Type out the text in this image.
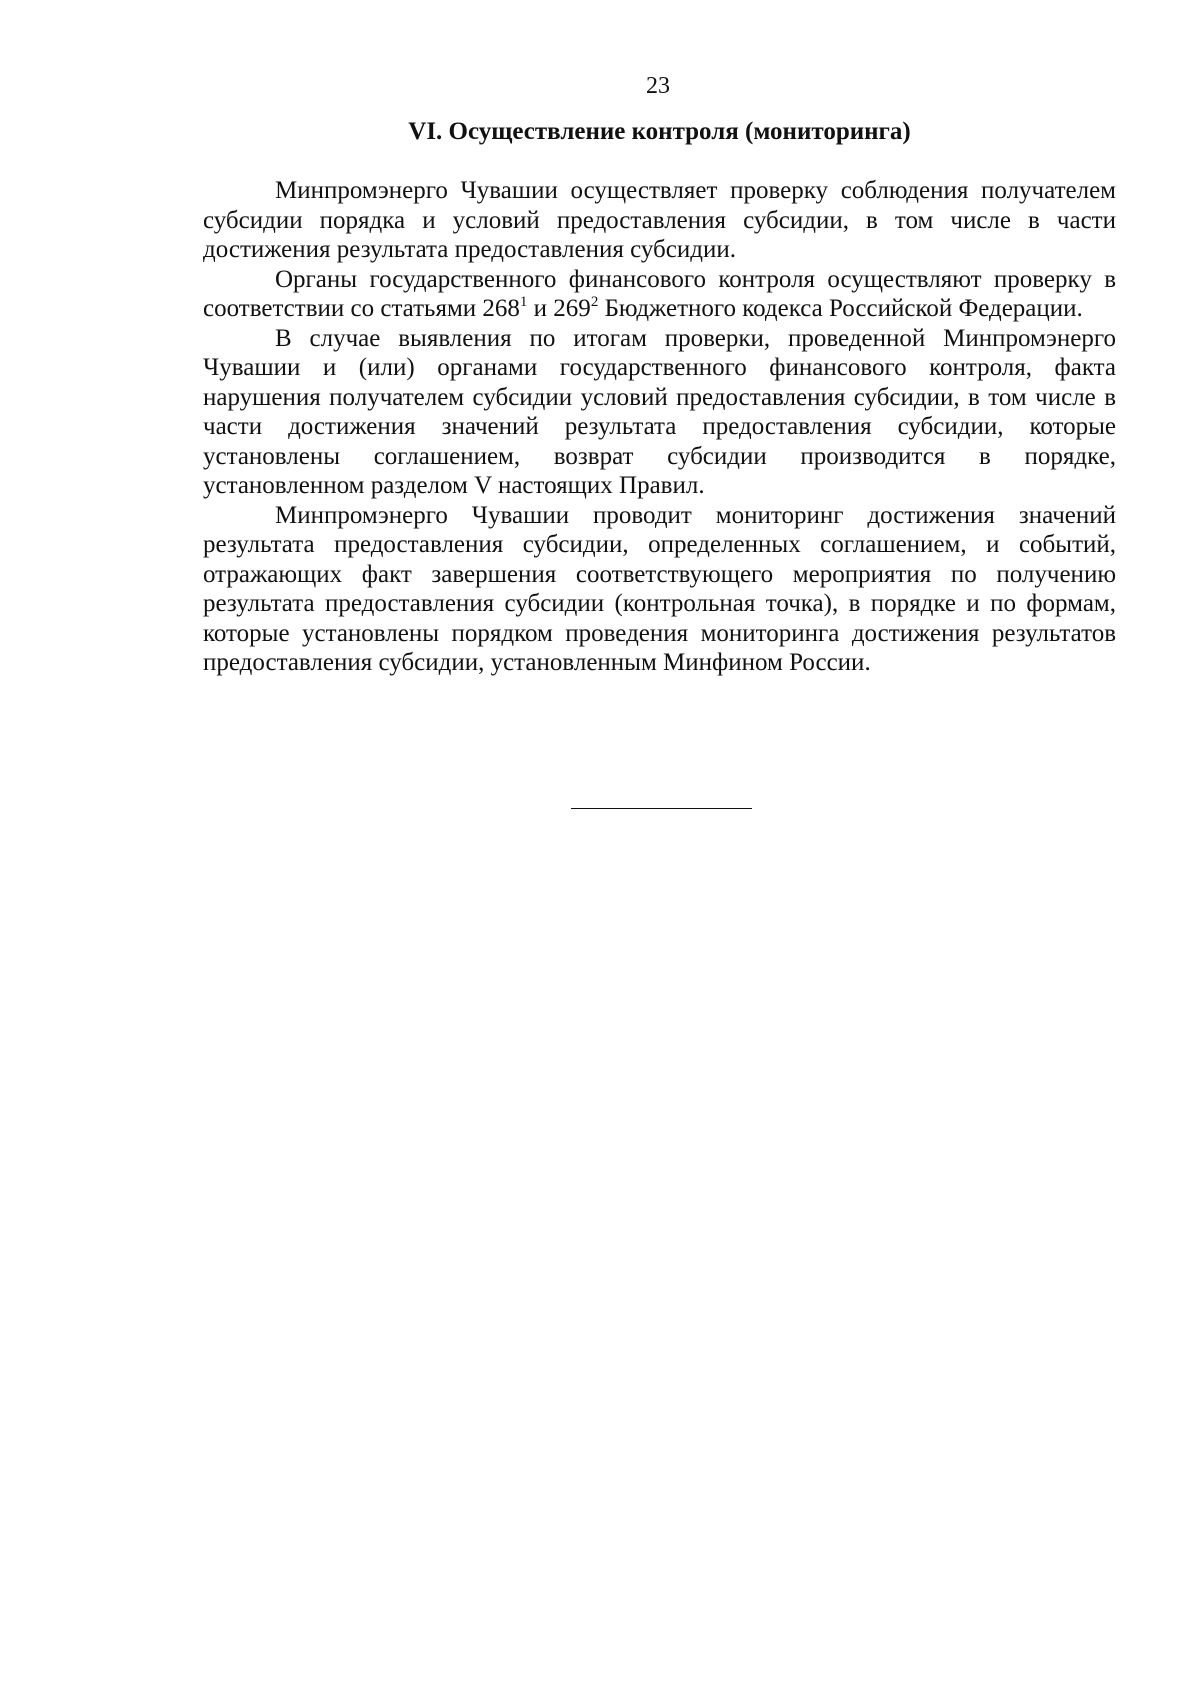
23
VI. Осуществление контроля (мониторинга)

Минпромэнерго Чувашии осуществляет проверку соблюдения получателем субсидии порядка и условий предоставления субсидии, в том числе в части достижения результата предоставления субсидии.

Органы государственного финансового контроля осуществляют проверку в соответствии со статьями $268^1$ и $269^2$ Бюджетного кодекса Российской Федерации.

В случае выявления по итогам проверки, проведенной Минпромэнерго Чувашии и (или) органами государственного финансового контроля, факта нарушения получателем субсидии условий предоставления субсидии, в том числе в части достижения значений результата предоставления субсидии, которые установлены соглашением, возврат субсидии производится в порядке, установленном разделом V настоящих Правил.

Минпромэнерго Чувашии проводит мониторинг достижения значений результата предоставления субсидии, определенных соглашением, и событий, отражающих факт завершения соответствующего мероприятия по получению результата предоставления субсидии (контрольная точка), в порядке и по формам, которые установлены порядком проведения мониторинга достижения результатов предоставления субсидии, установленным Минфином России.
